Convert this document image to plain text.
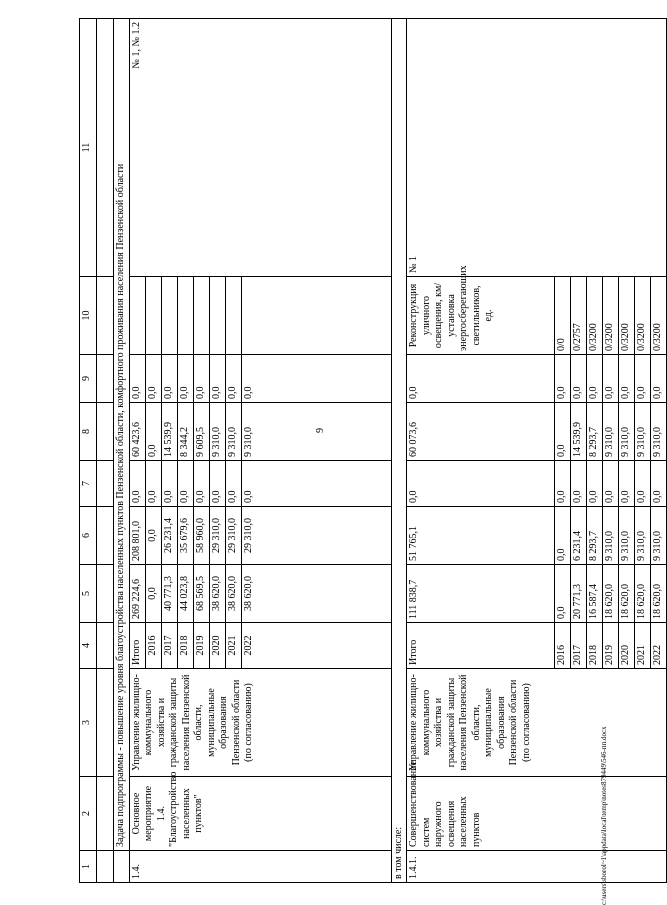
9
c:\users\sborol~1\appdata\local\temp\notes879449\546-пп.docx
1	2	3	4	5	6	7	8	9	10	11

	Задача подпрограммы - повышение уровня благоустройства населенных пунктов Пензенской области, комфортного проживания населения Пензенской области									
1.4.	Основное мероприятие 1.4. "Благоустройство населенных пунктов"	Управление жилищно-коммунального хозяйства и гражданской защиты населения Пензенской области, муниципальные образования Пензенской области (по согласованию)	Итого	269 224,6	208 801,0	0,0	60 423,6	0,0		№ 1, № 1.2
			2016	0,0	0,0	0,0	0,0	0,0		
			2017	40 771,3	26 231,4	0,0	14 539,9	0,0		
			2018	44 023,8	35 679,6	0,0	8 344,2	0,0		
			2019	68 569,5	58 960,0	0,0	9 609,5	0,0		
			2020	38 620,0	29 310,0	0,0	9 310,0	0,0		
			2021	38 620,0	29 310,0	0,0	9 310,0	0,0		
			2022	38 620,0	29 310,0	0,0	9 310,0	0,0		
в том числе:										
1.4.1.	Совершенствование систем наружного освещения населенных пунктов	Управление жилищно-коммунального хозяйства и гражданской защиты населения Пензенской области, муниципальные образования Пензенской области (по согласованию)	Итого	111 838,7	51 765,1	0,0	60 073,6	0,0	Реконструкция уличного освещения, км/установка энергосберегающих светильников, ед.	№ 1
			2016	0,0	0,0	0,0	0,0	0,0	0/0	
			2017	20 771,3	6 231,4	0,0	14 539,9	0,0	0/2757	
			2018	16 587,4	8 293,7	0,0	8 293,7	0,0	0/3200	
			2019	18 620,0	9 310,0	0,0	9 310,0	0,0	0/3200	
			2020	18 620,0	9 310,0	0,0	9 310,0	0,0	0/3200	
			2021	18 620,0	9 310,0	0,0	9 310,0	0,0	0/3200	
			2022	18 620,0	9 310,0	0,0	9 310,0	0,0	0/3200	
